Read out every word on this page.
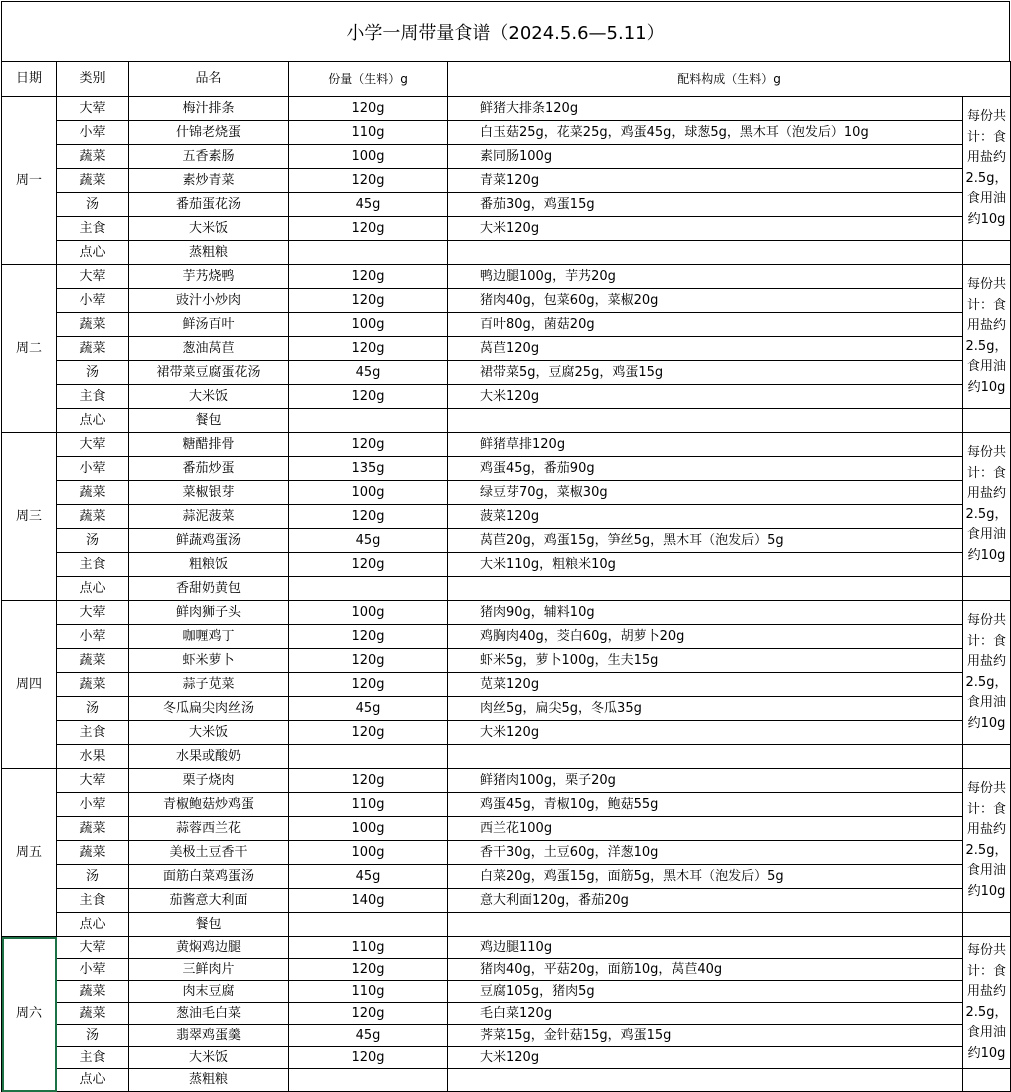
小学一周带量食谱（2024.5.6—5.11）
日期	类别	品名	份量（生料）g	配料构成（生料）g	
周一	大荤	梅汁排条	120g	鲜猪大排条120g	每份共计：食用盐约2.5g，食用油约10g
	小荤	什锦老烧蛋	110g	白玉菇25g，花菜25g，鸡蛋45g，球葱5g，黑木耳（泡发后）10g	
	蔬菜	五香素肠	100g	素同肠100g	
	蔬菜	素炒青菜	120g	青菜120g	
	汤	番茄蛋花汤	45g	番茄30g，鸡蛋15g	
	主食	大米饭	120g	大米120g	
	点心	蒸粗粮			
周二	大荤	芋艿烧鸭	120g	鸭边腿100g，芋艿20g	每份共计：食用盐约2.5g，食用油约10g
	小荤	豉汁小炒肉	120g	猪肉40g，包菜60g，菜椒20g	
	蔬菜	鲜汤百叶	100g	百叶80g，菌菇20g	
	蔬菜	葱油莴苣	120g	莴苣120g	
	汤	裙带菜豆腐蛋花汤	45g	裙带菜5g，豆腐25g，鸡蛋15g	
	主食	大米饭	120g	大米120g	
	点心	餐包			
周三	大荤	糖醋排骨	120g	鲜猪草排120g	每份共计：食用盐约2.5g，食用油约10g
	小荤	番茄炒蛋	135g	鸡蛋45g，番茄90g	
	蔬菜	菜椒银芽	100g	绿豆芽70g，菜椒30g	
	蔬菜	蒜泥菠菜	120g	菠菜120g	
	汤	鲜蔬鸡蛋汤	45g	莴苣20g，鸡蛋15g，笋丝5g，黑木耳（泡发后）5g	
	主食	粗粮饭	120g	大米110g，粗粮米10g	
	点心	香甜奶黄包			
周四	大荤	鲜肉狮子头	100g	猪肉90g，辅料10g	每份共计：食用盐约2.5g，食用油约10g
	小荤	咖喱鸡丁	120g	鸡胸肉40g，茭白60g，胡萝卜20g	
	蔬菜	虾米萝卜	120g	虾米5g，萝卜100g，生夫15g	
	蔬菜	蒜子苋菜	120g	苋菜120g	
	汤	冬瓜扁尖肉丝汤	45g	肉丝5g，扁尖5g，冬瓜35g	
	主食	大米饭	120g	大米120g	
	水果	水果或酸奶			
周五	大荤	栗子烧肉	120g	鲜猪肉100g，栗子20g	每份共计：食用盐约2.5g，食用油约10g
	小荤	青椒鲍菇炒鸡蛋	110g	鸡蛋45g，青椒10g，鲍菇55g	
	蔬菜	蒜蓉西兰花	100g	西兰花100g	
	蔬菜	美极土豆香干	100g	香干30g，土豆60g，洋葱10g	
	汤	面筋白菜鸡蛋汤	45g	白菜20g，鸡蛋15g，面筋5g，黑木耳（泡发后）5g	
	主食	茄酱意大利面	140g	意大利面120g，番茄20g	
	点心	餐包			
周六	大荤	黄焖鸡边腿	110g	鸡边腿110g	每份共计：食用盐约2.5g，食用油约10g
	小荤	三鲜肉片	120g	猪肉40g，平菇20g，面筋10g，莴苣40g	
	蔬菜	肉末豆腐	110g	豆腐105g，猪肉5g	
	蔬菜	葱油毛白菜	120g	毛白菜120g	
	汤	翡翠鸡蛋羹	45g	荠菜15g，金针菇15g，鸡蛋15g	
	主食	大米饭	120g	大米120g	
	点心	蒸粗粮			
